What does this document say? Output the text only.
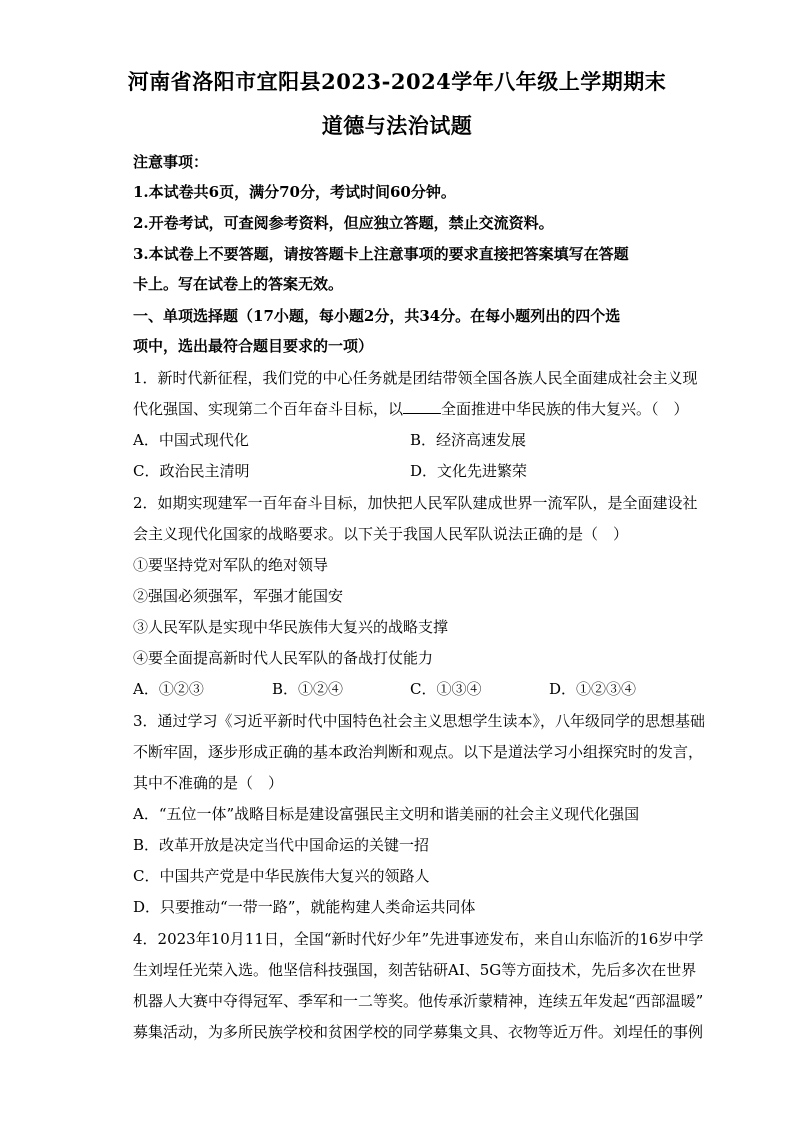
河南省洛阳市宜阳县2023-2024学年八年级上学期期末
道德与法治试题
注意事项：
1.本试卷共6页，满分70分，考试时间60分钟。
2.开卷考试，可查阅参考资料，但应独立答题，禁止交流资料。
3.本试卷上不要答题，请按答题卡上注意事项的要求直接把答案填写在答题
卡上。写在试卷上的答案无效。
一、单项选择题（17小题，每小题2分，共34分。在每小题列出的四个选
项中，选出最符合题目要求的一项）
1．新时代新征程，我们党的中心任务就是团结带领全国各族人民全面建成社会主义现
代化强国、实现第二个百年奋斗目标，以	全面推进中华民族的伟大复兴。（　）
A．中国式现代化	B．经济高速发展
C．政治民主清明	D．文化先进繁荣
2．如期实现建军一百年奋斗目标，加快把人民军队建成世界一流军队，是全面建设社
会主义现代化国家的战略要求。以下关于我国人民军队说法正确的是（　）
①要坚持党对军队的绝对领导
②强国必须强军，军强才能国安
③人民军队是实现中华民族伟大复兴的战略支撑
④要全面提高新时代人民军队的备战打仗能力
A．①②③	B．①②④	C．①③④	D．①②③④
3．通过学习《习近平新时代中国特色社会主义思想学生读本》，八年级同学的思想基础
不断牢固，逐步形成正确的基本政治判断和观点。以下是道法学习小组探究时的发言，
其中不准确的是（　）
A．“五位一体”战略目标是建设富强民主文明和谐美丽的社会主义现代化强国
B．改革开放是决定当代中国命运的关键一招
C．中国共产党是中华民族伟大复兴的领路人
D．只要推动“一带一路”，就能构建人类命运共同体
4．2023年10月11日，全国“新时代好少年”先进事迹发布，来自山东临沂的16岁中学
生刘埕任光荣入选。他坚信科技强国，刻苦钻研AI、5G等方面技术，先后多次在世界
机器人大赛中夺得冠军、季军和一二等奖。他传承沂蒙精神，连续五年发起“西部温暖”
募集活动，为多所民族学校和贫困学校的同学募集文具、衣物等近万件。刘埕任的事例
